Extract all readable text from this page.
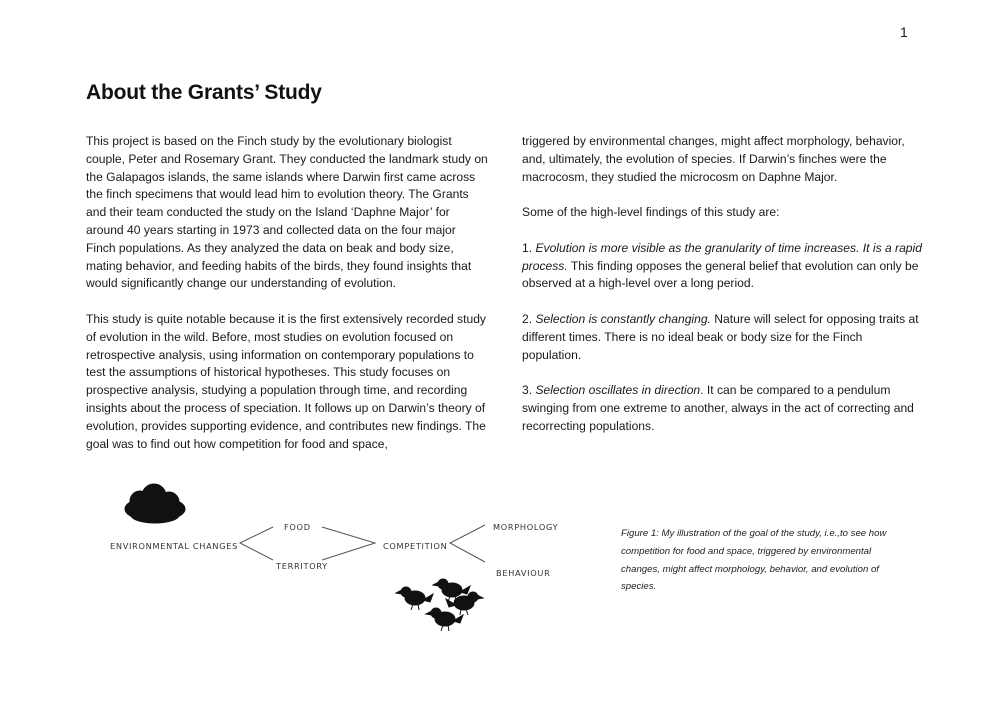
1
About the Grants’ Study

This project is based on the Finch study by the evolutionary biologist couple, Peter and Rosemary Grant. They conducted the landmark study on the Galapagos islands, the same islands where Darwin first came across the finch specimens that would lead him to evolution theory. The Grants and their team conducted the study on the Island ‘Daphne Major’ for around 40 years starting in 1973 and collected data on the four major Finch populations. As they analyzed the data on beak and body size, mating behavior, and feeding habits of the birds, they found insights that would significantly change our understanding of evolution.

This study is quite notable because it is the first extensively recorded study of evolution in the wild. Before, most studies on evolution focused on retrospective analysis, using information on contemporary populations to test the assumptions of historical hypotheses. This study focuses on prospective analysis, studying a population through time, and recording insights about the process of speciation. It follows up on Darwin’s theory of evolution, provides supporting evidence, and contributes new findings. The goal was to find out how competition for food and space,

triggered by environmental changes, might affect morphology, behavior, and, ultimately, the evolution of species. If Darwin’s finches were the macrocosm, they studied the microcosm on Daphne Major.

Some of the high-level findings of this study are:

1. Evolution is more visible as the granularity of time increases. It is a rapid process. This finding opposes the general belief that evolution can only be observed at a high-level over a long period.

2. Selection is constantly changing. Nature will select for opposing traits at different times. There is no ideal beak or body size for the Finch population.

3. Selection oscillates in direction. It can be compared to a pendulum swinging from one extreme to another, always in the act of correcting and recorrecting populations.

ENVIRONMENTAL CHANGES
FOOD
TERRITORY
COMPETITION
MORPHOLOGY
BEHAVIOUR

Figure 1: My illustration of the goal of the study, i.e.,to see how competition for food and space, triggered by environmental changes, might affect morphology, behavior, and evolution of species.
